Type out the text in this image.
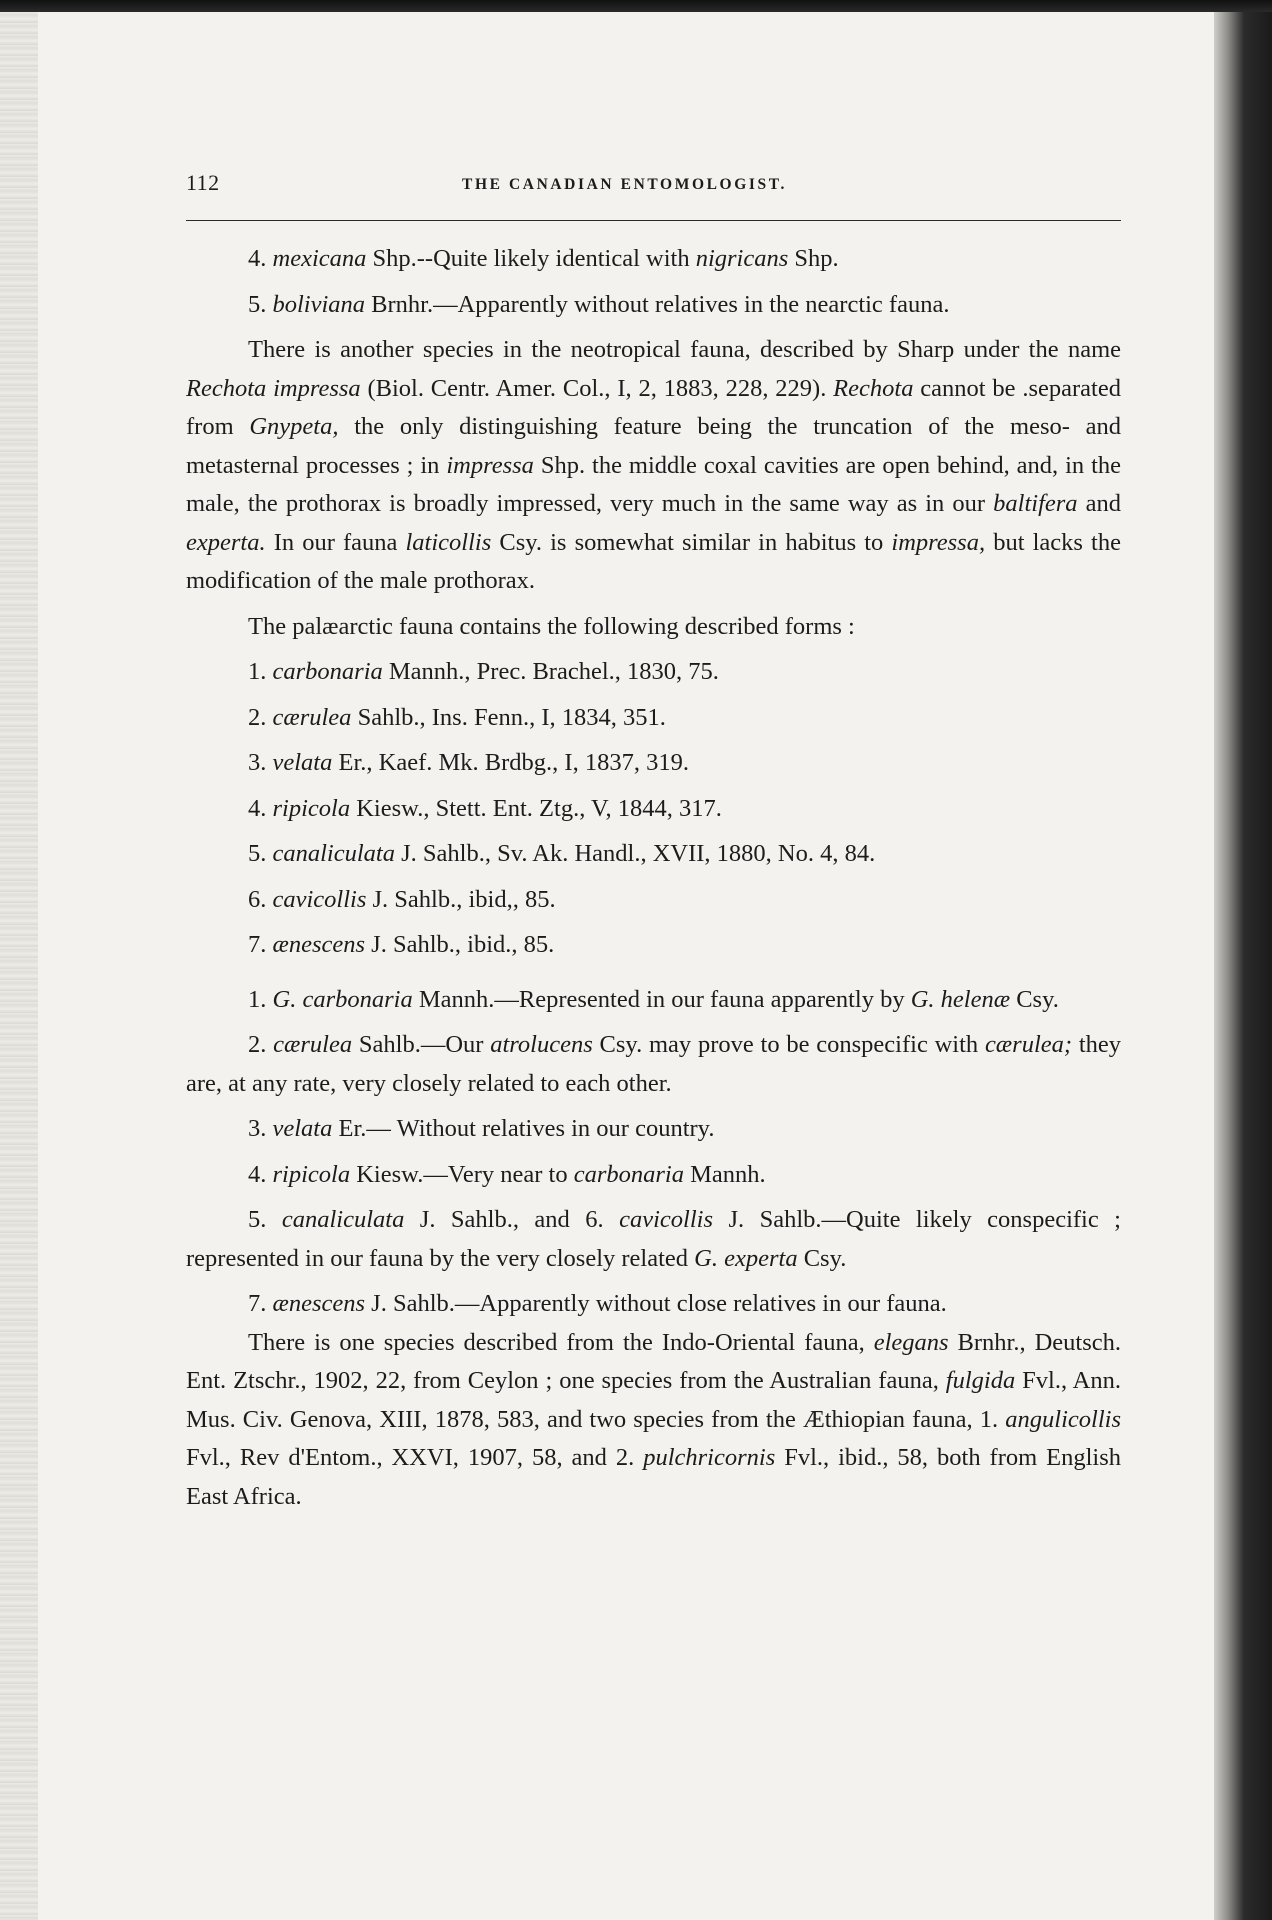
112	THE CANADIAN ENTOMOLOGIST.

4. mexicana Shp.--Quite likely identical with nigricans Shp.

5. boliviana Brnhr.—Apparently without relatives in the nearctic fauna.

There is another species in the neotropical fauna, described by Sharp under the name Rechota impressa (Biol. Centr. Amer. Col., I, 2, 1883, 228, 229). Rechota cannot be .separated from Gnypeta, the only distinguishing feature being the truncation of the meso- and metasternal processes ; in impressa Shp. the middle coxal cavities are open behind, and, in the male, the prothorax is broadly impressed, very much in the same way as in our baltifera and experta. In our fauna laticollis Csy. is somewhat similar in habitus to impressa, but lacks the modification of the male prothorax.

The palæarctic fauna contains the following described forms :

1. carbonaria Mannh., Prec. Brachel., 1830, 75.

2. cærulea Sahlb., Ins. Fenn., I, 1834, 351.

3. velata Er., Kaef. Mk. Brdbg., I, 1837, 319.

4. ripicola Kiesw., Stett. Ent. Ztg., V, 1844, 317.

5. canaliculata J. Sahlb., Sv. Ak. Handl., XVII, 1880, No. 4, 84.

6. cavicollis J. Sahlb., ibid,, 85.

7. ænescens J. Sahlb., ibid., 85.

1. G. carbonaria Mannh.—Represented in our fauna apparently by G. helenæ Csy.

2. cærulea Sahlb.—Our atrolucens Csy. may prove to be conspecific with cærulea; they are, at any rate, very closely related to each other.

3. velata Er.— Without relatives in our country.

4. ripicola Kiesw.—Very near to carbonaria Mannh.

5. canaliculata J. Sahlb., and 6. cavicollis J. Sahlb.—Quite likely conspecific ; represented in our fauna by the very closely related G. experta Csy.

7. ænescens J. Sahlb.—Apparently without close relatives in our fauna.

There is one species described from the Indo-Oriental fauna, elegans Brnhr., Deutsch. Ent. Ztschr., 1902, 22, from Ceylon ; one species from the Australian fauna, fulgida Fvl., Ann. Mus. Civ. Genova, XIII, 1878, 583, and two species from the Æthiopian fauna, 1. angulicollis Fvl., Rev d'Entom., XXVI, 1907, 58, and 2. pulchricornis Fvl., ibid., 58, both from English East Africa.
